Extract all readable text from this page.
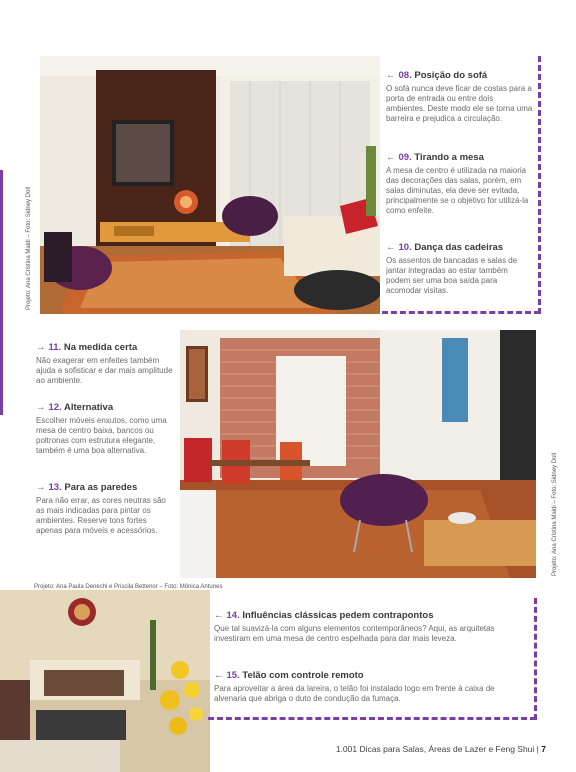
Projeto: Ana Cristina Maldi – Foto: Sidney Doll

← 08. Posição do sofá

O sofá nunca deve ficar de costas para a porta de entrada ou entre dois ambientes. Deste modo ele se torna uma barreira e prejudica a circulação.

← 09. Tirando a mesa

A mesa de centro é utilizada na maioria das decorações das salas, porém, em salas diminutas, ela deve ser evitada, principalmente se o objetivo for utilizá-la como enfeite.

← 10. Dança das cadeiras

Os assentos de bancadas e salas de jantar integradas ao estar também podem ser uma boa saída para acomodar visitas.

Projeto: Ana Cristina Maldi – Foto: Sidney Doll

→ 11. Na medida certa

Não exagerar em enfeites também ajuda a sofisticar e dar mais amplitude ao ambiente.

→ 12. Alternativa

Escolher móveis enxutos, como uma mesa de centro baixa, bancos ou poltronas com estrutura elegante, também é uma boa alternativa.

→ 13. Para as paredes

Para não errar, as cores neutras são as mais indicadas para pintar os ambientes. Reserve tons fortes apenas para móveis e acessórios.

Projeto: Ana Paula Denechi e Priscila Bettenor – Foto: Mônica Antunes

← 14. Influências clássicas pedem contrapontos

Que tal suavizá-la com alguns elementos contemporâneos? Aqui, as arquitetas investiram em uma mesa de centro espelhada para dar mais leveza.

← 15. Telão com controle remoto

Para aproveitar a área da lareira, o telão foi instalado logo em frente à caixa de alvenaria que abriga o duto de condução da fumaça.

1.001 Dicas para Salas, Áreas de Lazer e Feng Shui | 7
